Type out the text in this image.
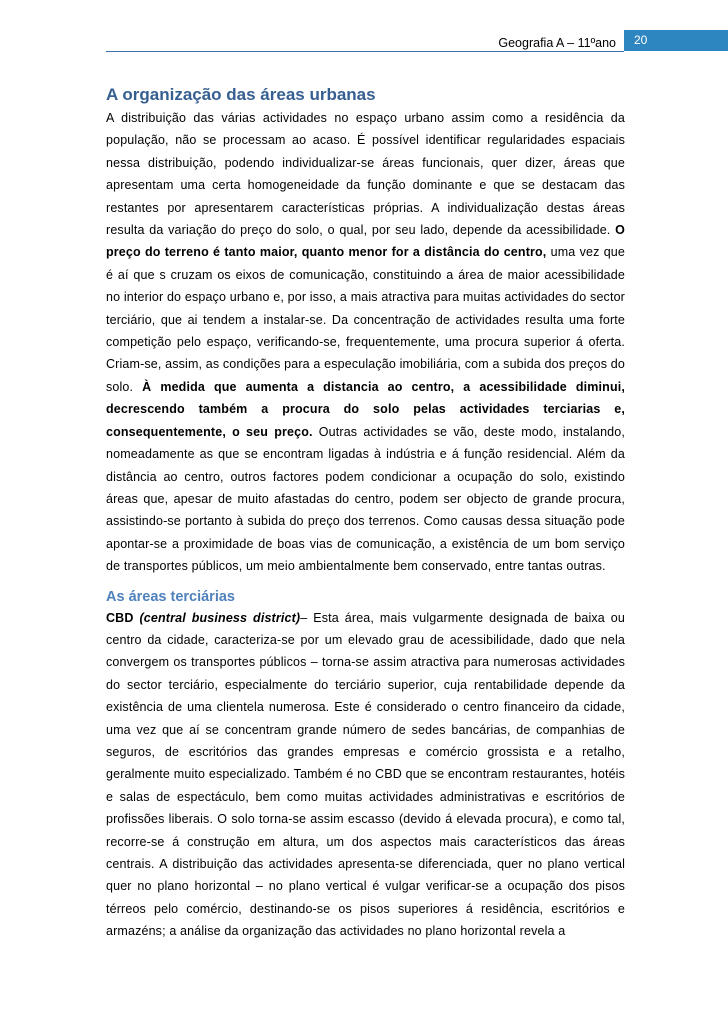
Geografia A – 11ºano	20
A organização das áreas urbanas

A distribuição das várias actividades no espaço urbano assim como a residência da população, não se processam ao acaso. É possível identificar regularidades espaciais nessa distribuição, podendo individualizar-se áreas funcionais, quer dizer, áreas que apresentam uma certa homogeneidade da função dominante e que se destacam das restantes por apresentarem características próprias. A individualização destas áreas resulta da variação do preço do solo, o qual, por seu lado, depende da acessibilidade. O preço do terreno é tanto maior, quanto menor for a distância do centro, uma vez que é aí que s cruzam os eixos de comunicação, constituindo a área de maior acessibilidade no interior do espaço urbano e, por isso, a mais atractiva para muitas actividades do sector terciário, que ai tendem a instalar-se. Da concentração de actividades resulta uma forte competição pelo espaço, verificando-se, frequentemente, uma procura superior á oferta. Criam-se, assim, as condições para a especulação imobiliária, com a subida dos preços do solo. À medida que aumenta a distancia ao centro, a acessibilidade diminui, decrescendo também a procura do solo pelas actividades terciarias e, consequentemente, o seu preço. Outras actividades se vão, deste modo, instalando, nomeadamente as que se encontram ligadas à indústria e á função residencial. Além da distância ao centro, outros factores podem condicionar a ocupação do solo, existindo áreas que, apesar de muito afastadas do centro, podem ser objecto de grande procura, assistindo-se portanto à subida do preço dos terrenos. Como causas dessa situação pode apontar-se a proximidade de boas vias de comunicação, a existência de um bom serviço de transportes públicos, um meio ambientalmente bem conservado, entre tantas outras.

As áreas terciárias

CBD (central business district)– Esta área, mais vulgarmente designada de baixa ou centro da cidade, caracteriza-se por um elevado grau de acessibilidade, dado que nela convergem os transportes públicos – torna-se assim atractiva para numerosas actividades do sector terciário, especialmente do terciário superior, cuja rentabilidade depende da existência de uma clientela numerosa. Este é considerado o centro financeiro da cidade, uma vez que aí se concentram grande número de sedes bancárias, de companhias de seguros, de escritórios das grandes empresas e comércio grossista e a retalho, geralmente muito especializado. Também é no CBD que se encontram restaurantes, hotéis e salas de espectáculo, bem como muitas actividades administrativas e escritórios de profissões liberais. O solo torna-se assim escasso (devido á elevada procura), e como tal, recorre-se á construção em altura, um dos aspectos mais característicos das áreas centrais. A distribuição das actividades apresenta-se diferenciada, quer no plano vertical quer no plano horizontal – no plano vertical é vulgar verificar-se a ocupação dos pisos térreos pelo comércio, destinando-se os pisos superiores á residência, escritórios e armazéns; a análise da organização das actividades no plano horizontal revela a
